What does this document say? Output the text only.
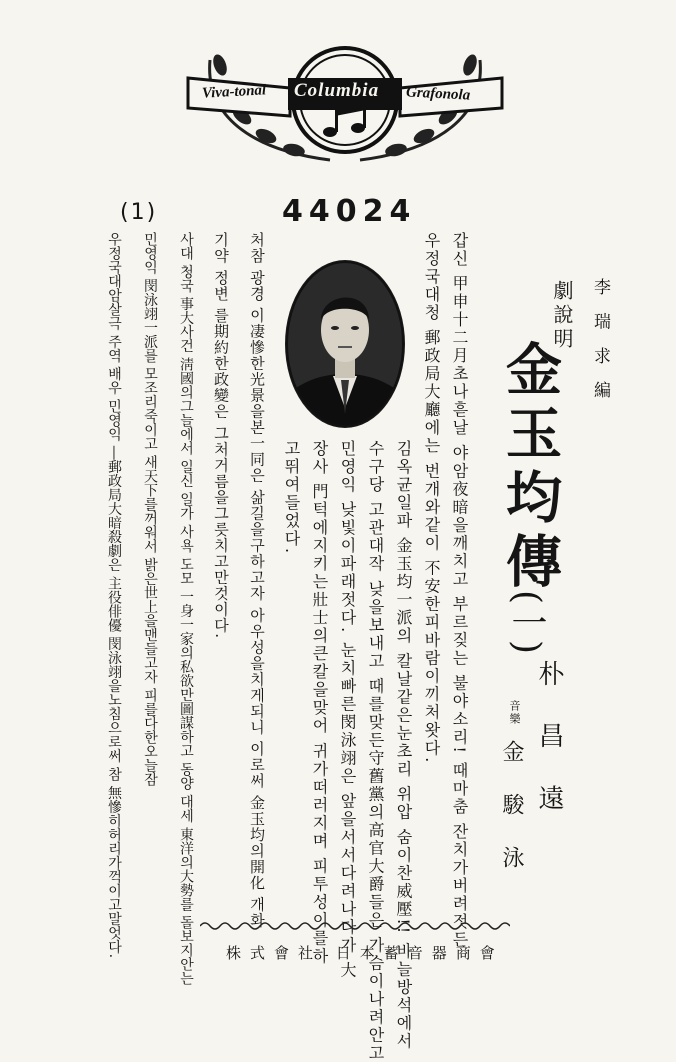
Viva-tonal Columbia Grafonola
(1)	44024
李 瑞 求 編
劇說明
金玉均傳
(一)
朴 昌 遠
音樂
金 駿 泳
갑신 甲申十二月초나흗날 야암夜暗을깨치고 부르짖는 불야소리! 때마춤 잔치가버려젓든
우정국대청 郵政局大廳에는 번개와같이 不安한피바람이끼처왓다.
김옥균일파 金玉均一派의 칼날같은눈초리 위압 숨이찬威壓!! 바늘방석에서
수구당 고관대작 낮을보내고 때를맞든守舊黨의高官大爵들은 가슴이나려안고
민영익 낮빛이파래젓다. 눈치빠른閔泳翊은 앞을서서다려나다가 大
장사 門턱에지키는壯士의큰칼을맞어 귀가떠러지며 피투성이를하
고뛰여들었다.
처참 광경 이凄慘한光景을본一同은 삶길을구하고자 아우성을치게되니 이로써 金玉均의開化 개화
기약 정변 를期約한政變은 그처거름을그릇치고만것이다.
사대 청국 事大사건 淸國의그늘에서 일신 일가 사욕 도모 一身一家의私欲만圖謀하고 동양 대세 東洋의大勢를 돌보지안는
민영익 閔泳翊一派를 모조리죽이고 새天下를꺼워서 밝은世上을맨들고자 피를다한오늘잠
우정국대암살극 주역 배우 민영익 ―郵政局大暗殺劇은 主役俳優 閔泳翊을노침으로써 참 無慘히허리가꺽이고말엇다.	株式會社 日本蓄音器商會
